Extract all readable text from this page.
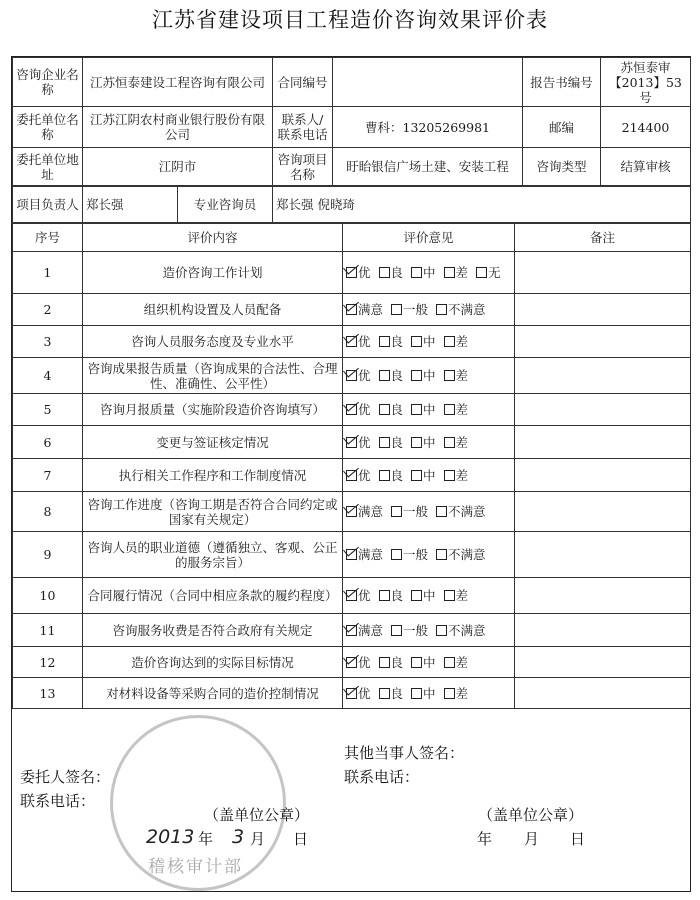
江苏省建设项目工程造价咨询效果评价表
咨询企业名称	江苏恒泰建设工程咨询有限公司	合同编号		报告书编号	苏恒泰审【2013】53号
委托单位名称	江苏江阴农村商业银行股份有限公司	联系人/联系电话	曹科：13205269981	邮编	214400
委托单位地址	江阴市	咨询项目名称	盱眙银信广场土建、安装工程	咨询类型	结算审核
项目负责人	郑长强	专业咨询员	郑长强 倪晓琦
序号	评价内容	评价意见	备注
1	造价咨询工作计划	优 良 中 差 无	
2	组织机构设置及人员配备	满意 一般 不满意	
3	咨询人员服务态度及专业水平	优 良 中 差	
4	咨询成果报告质量（咨询成果的合法性、合理性、准确性、公平性）	优 良 中 差	
5	咨询月报质量（实施阶段造价咨询填写）	优 良 中 差	
6	变更与签证核定情况	优 良 中 差	
7	执行相关工作程序和工作制度情况	优 良 中 差	
8	咨询工作进度（咨询工期是否符合合同约定或国家有关规定）	满意 一般 不满意	
9	咨询人员的职业道德（遵循独立、客观、公正的服务宗旨）	满意 一般 不满意	
10	合同履行情况（合同中相应条款的履约程度）	优 良 中 差	
11	咨询服务收费是否符合政府有关规定	满意 一般 不满意	
12	造价咨询达到的实际目标情况	优 良 中 差	
13	对材料设备等采购合同的造价控制情况	优 良 中 差	
稽核审计部
委托人签名：
联系电话：
其他当事人签名：
联系电话：
（盖单位公章）	（盖单位公章）
2013 年 3 月 日	年 月 日
